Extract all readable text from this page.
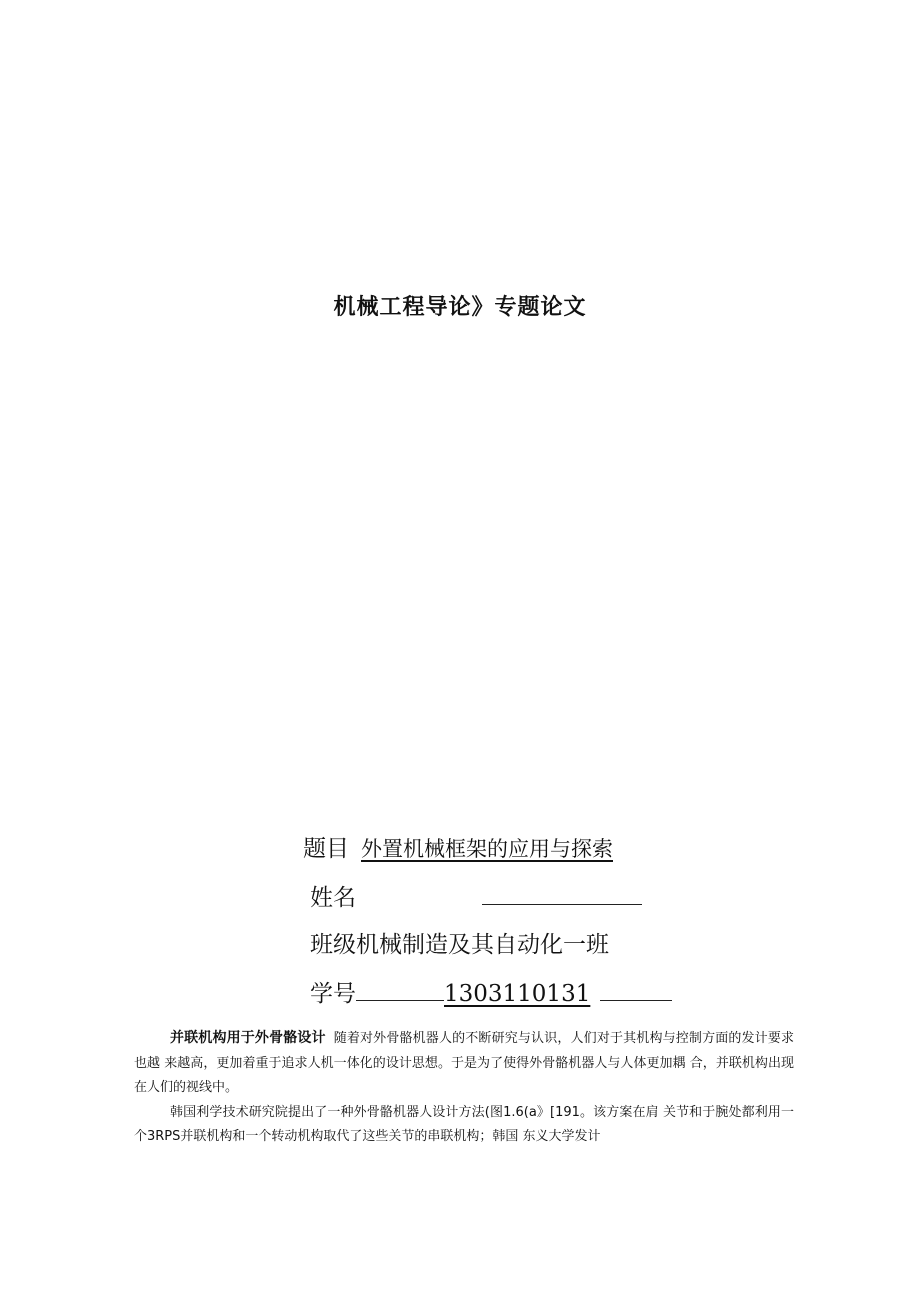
机械工程导论》专题论文
题目 外置机械框架的应用与探索
姓名
班级机械制造及其自动化一班
学号	1303110131

并联机构用于外骨骼设计 随着对外骨骼机器人的不断研究与认识，人们对于其机构与控制方面的发计要求也越 来越高，更加着重于追求人机一体化的设计思想。于是为了使得外骨骼机器人与人体更加耦 合，并联机构出现在人们的视线中。

韩国利学技术研究院提出了一种外骨骼机器人设计方法(图1.6(a》[191。该方案在肩 关节和于腕处都利用一个3RPS并联机构和一个转动机构取代了这些关节的串联机构；韩国 东义大学发计
